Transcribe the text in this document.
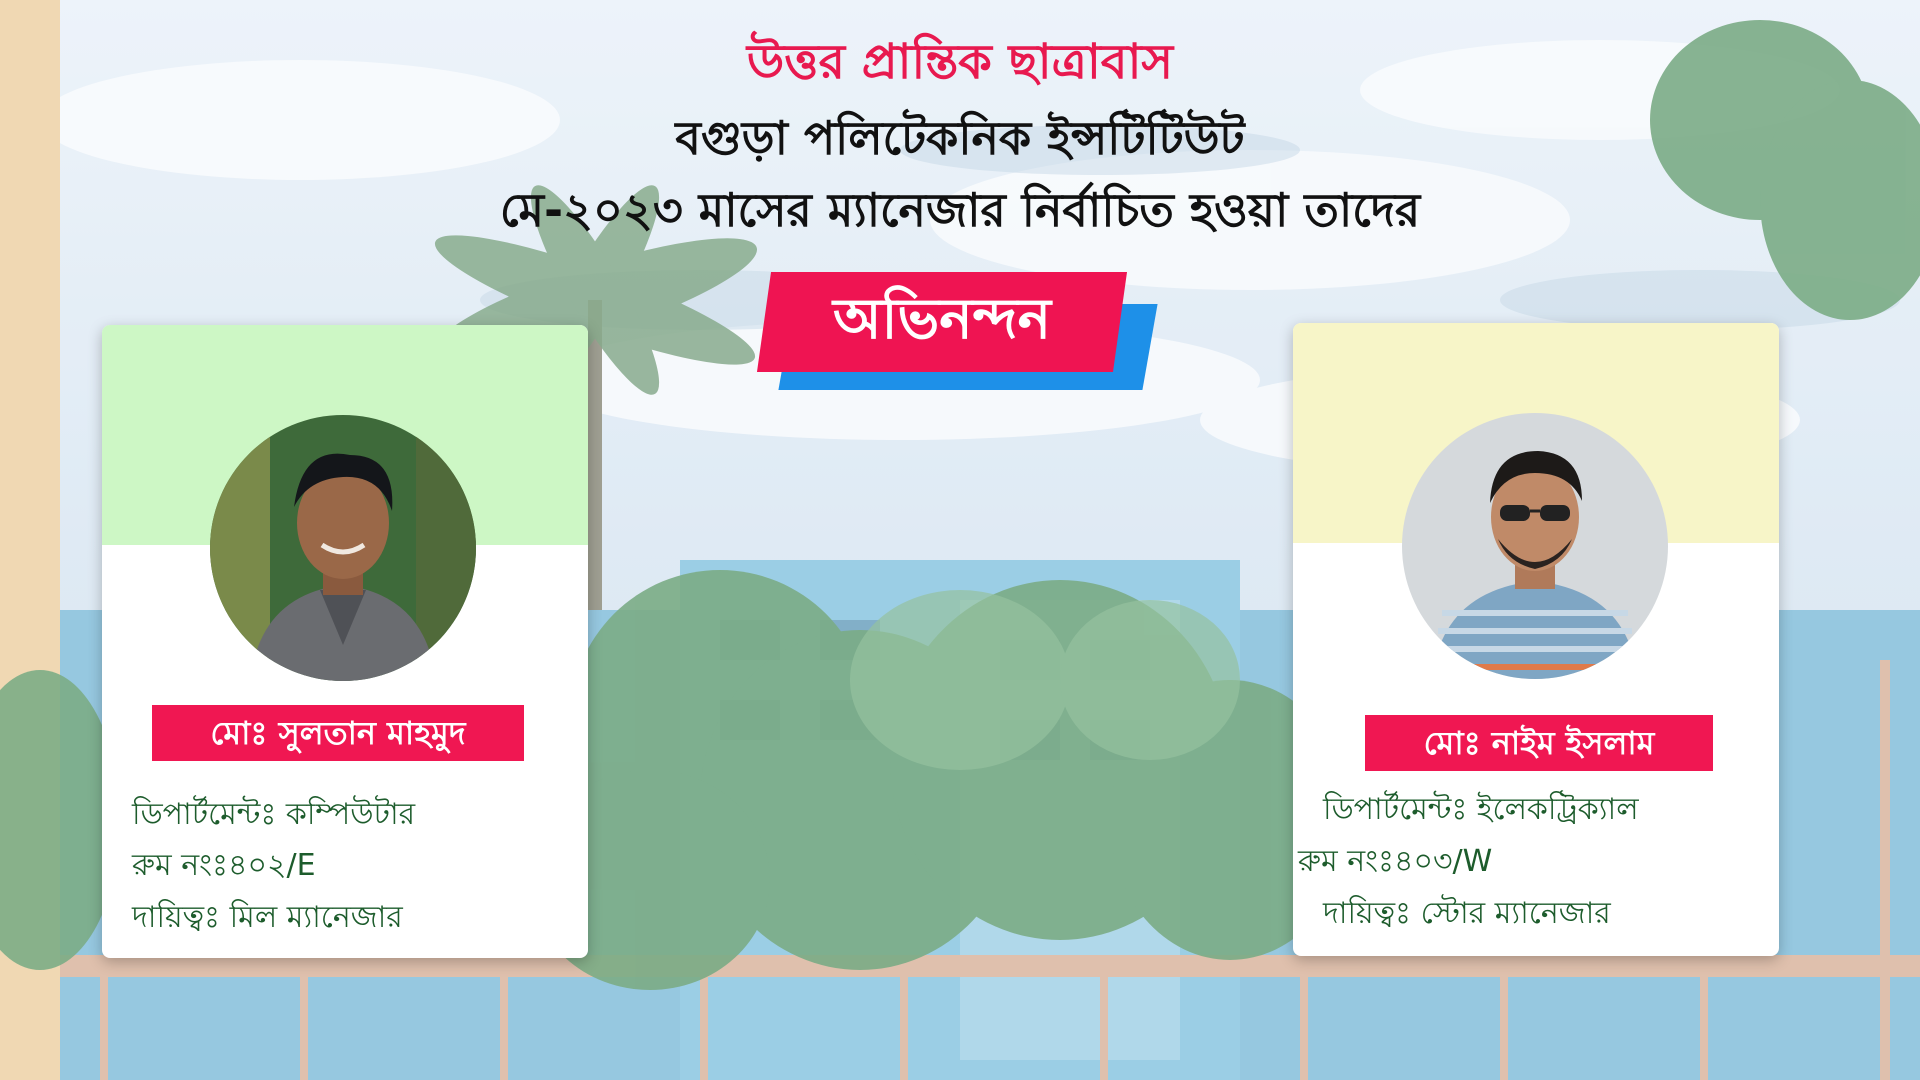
উত্তর প্রান্তিক ছাত্রাবাস
বগুড়া পলিটেকনিক ইন্সটিটিউট
মে-২০২৩ মাসের ম্যানেজার নির্বাচিত হওয়া তাদের
অভিনন্দন
মোঃ সুলতান মাহমুদ
ডিপার্টমেন্টঃ কম্পিউটার
রুম নংঃ৪০২/E
দায়িত্বঃ মিল ম্যানেজার
মোঃ নাইম ইসলাম
ডিপার্টমেন্টঃ ইলেকট্রিক্যাল
রুম নংঃ৪০৩/W
দায়িত্বঃ স্টোর ম্যানেজার
